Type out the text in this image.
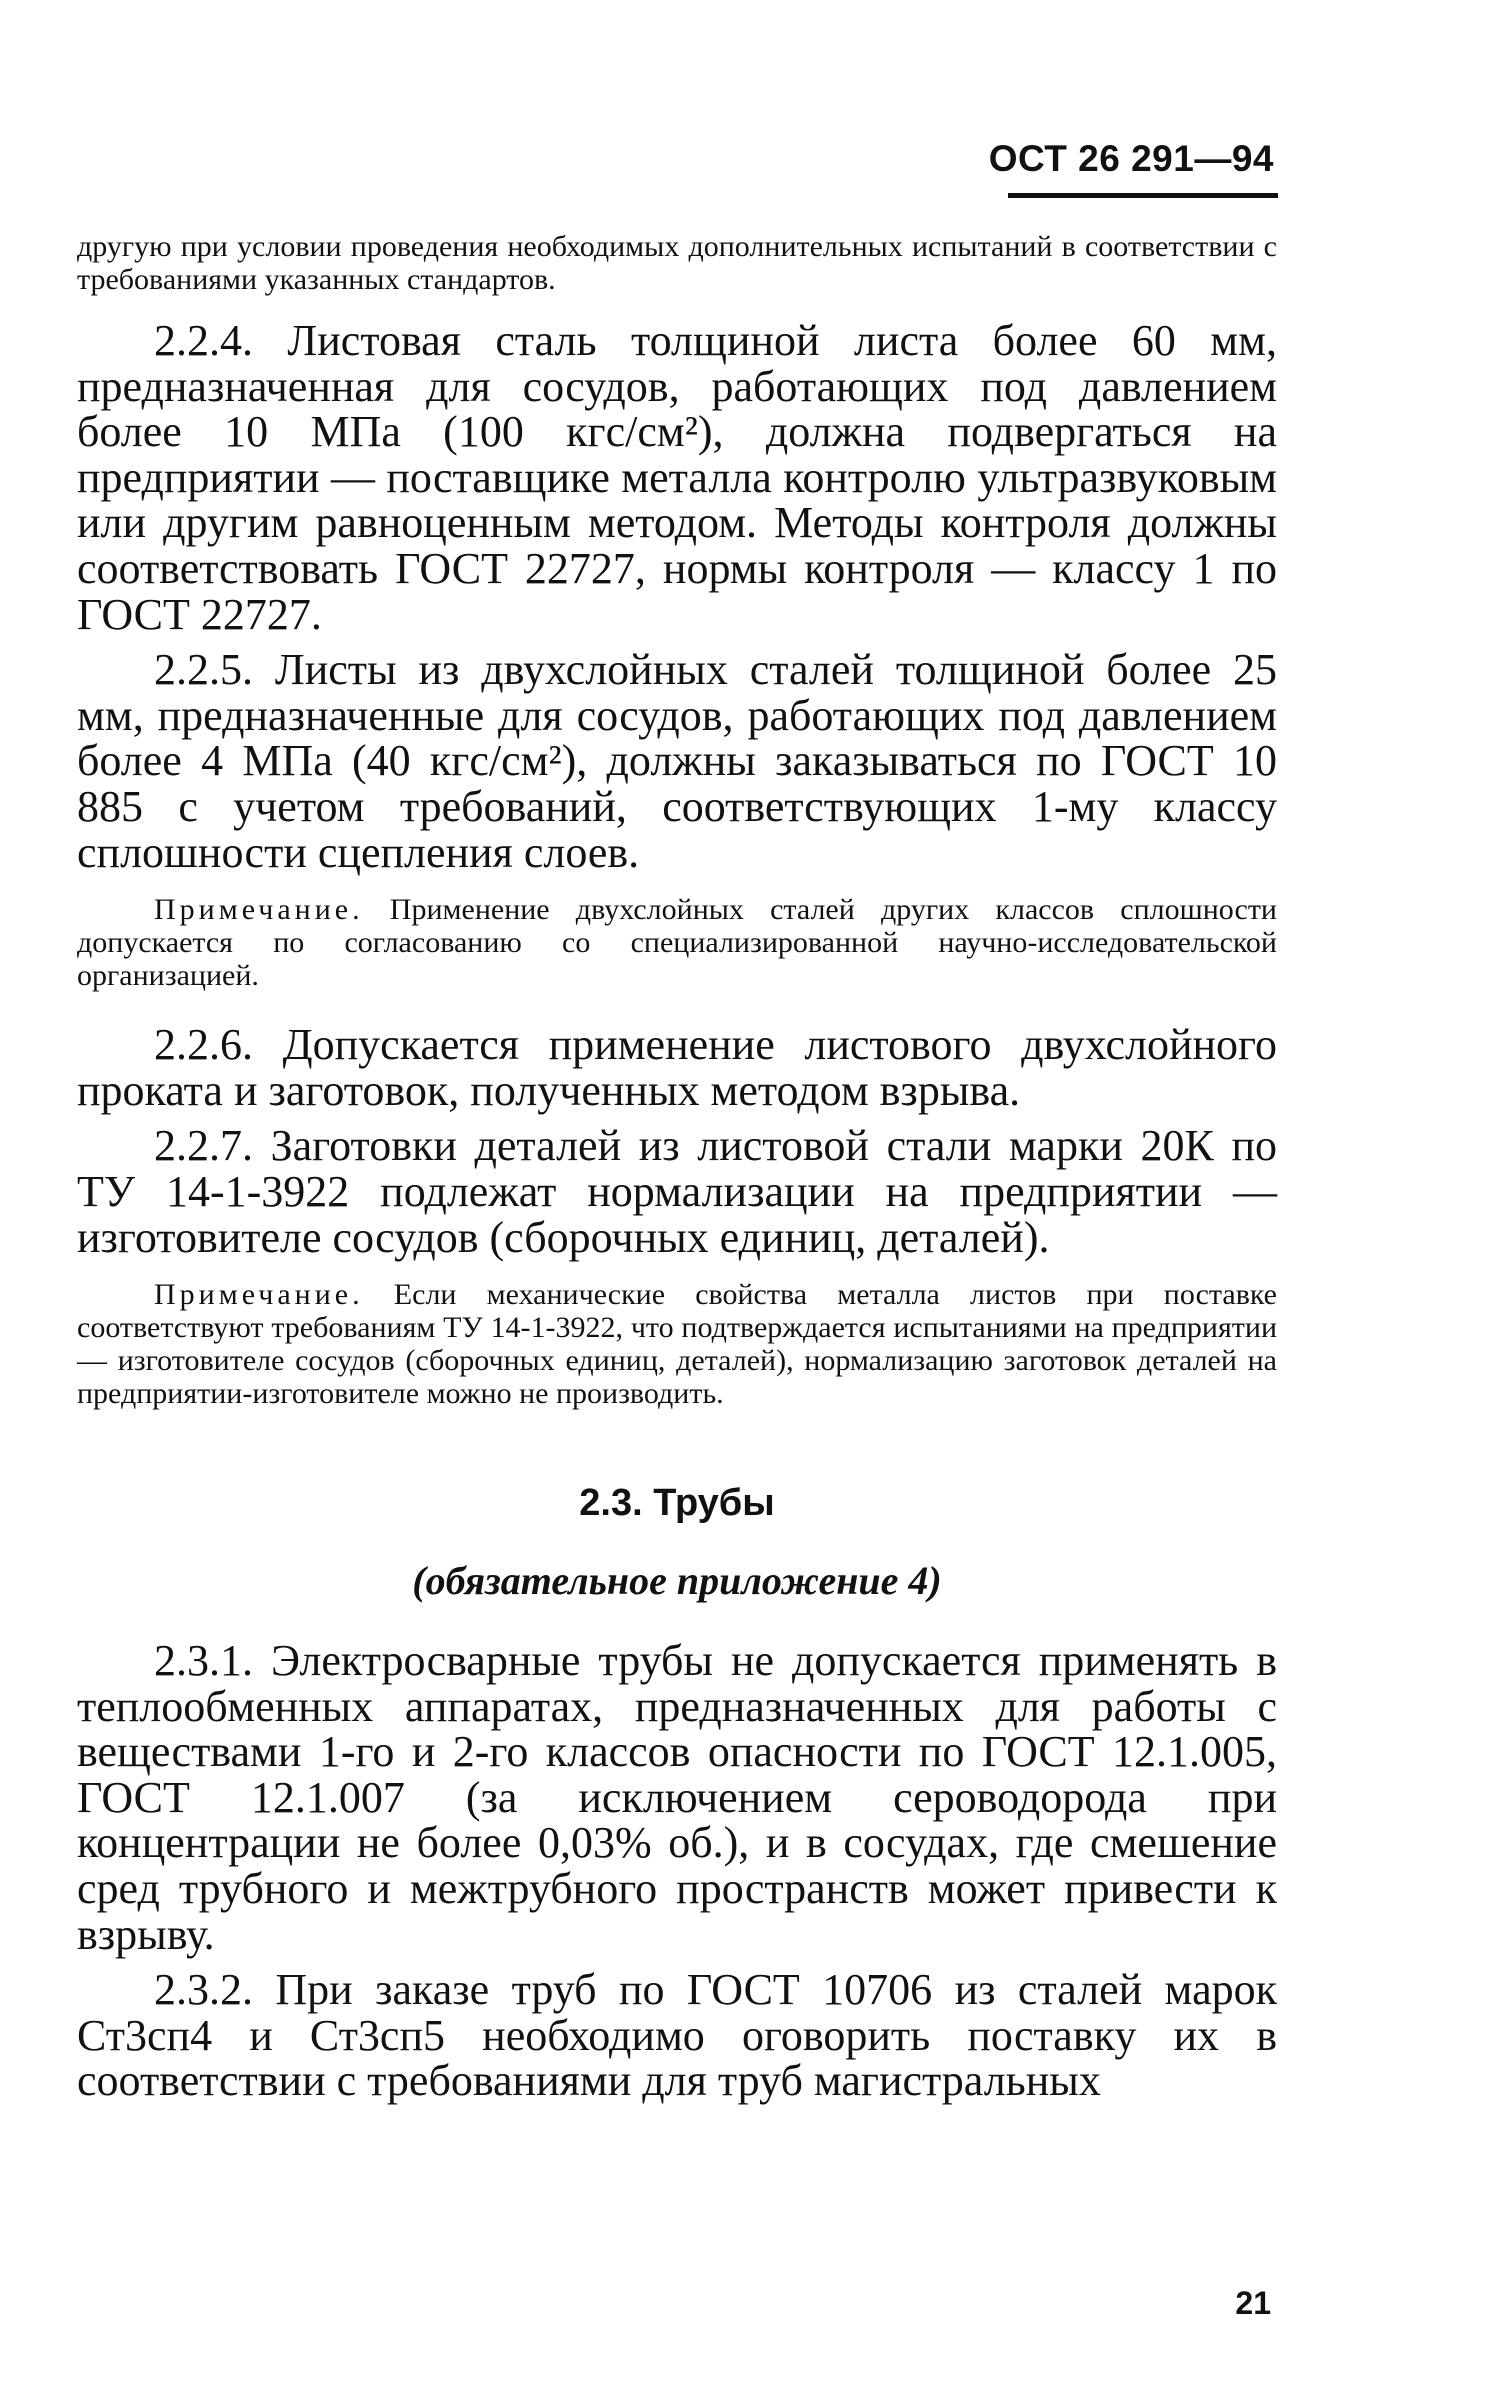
ОСТ 26 291—94

другую при условии проведения необходимых дополнительных испытаний в соответствии с требованиями указанных стандартов.

2.2.4. Листовая сталь толщиной листа более 60 мм, предназначенная для сосудов, работающих под давлением более 10 МПа (100 кгс/см²), должна подвергаться на предприятии — поставщике металла контролю ультразвуковым или другим равноценным методом. Методы контроля должны соответствовать ГОСТ 22727, нормы контроля — классу 1 по ГОСТ 22727.

2.2.5. Листы из двухслойных сталей толщиной более 25 мм, предназначенные для сосудов, работающих под давлением более 4 МПа (40 кгс/см²), должны заказываться по ГОСТ 10 885 с учетом требований, соответствующих 1-му классу сплошности сцепления слоев.

Примечание. Применение двухслойных сталей других классов сплошности допускается по согласованию со специализированной научно-исследовательской организацией.

2.2.6. Допускается применение листового двухслойного проката и заготовок, полученных методом взрыва.

2.2.7. Заготовки деталей из листовой стали марки 20К по ТУ 14-1-3922 подлежат нормализации на предприятии — изготовителе сосудов (сборочных единиц, деталей).

Примечание. Если механические свойства металла листов при поставке соответствуют требованиям ТУ 14-1-3922, что подтверждается испытаниями на предприятии — изготовителе сосудов (сборочных единиц, деталей), нормализацию заготовок деталей на предприятии-изготовителе можно не производить.

2.3. Трубы
(обязательное приложение 4)

2.3.1. Электросварные трубы не допускается применять в теплообменных аппаратах, предназначенных для работы с веществами 1-го и 2-го классов опасности по ГОСТ 12.1.005, ГОСТ 12.1.007 (за исключением сероводорода при концентрации не более 0,03% об.), и в сосудах, где смешение сред трубного и межтрубного пространств может привести к взрыву.

2.3.2. При заказе труб по ГОСТ 10706 из сталей марок Ст3сп4 и Ст3сп5 необходимо оговорить поставку их в соответствии с требованиями для труб магистральных

21
